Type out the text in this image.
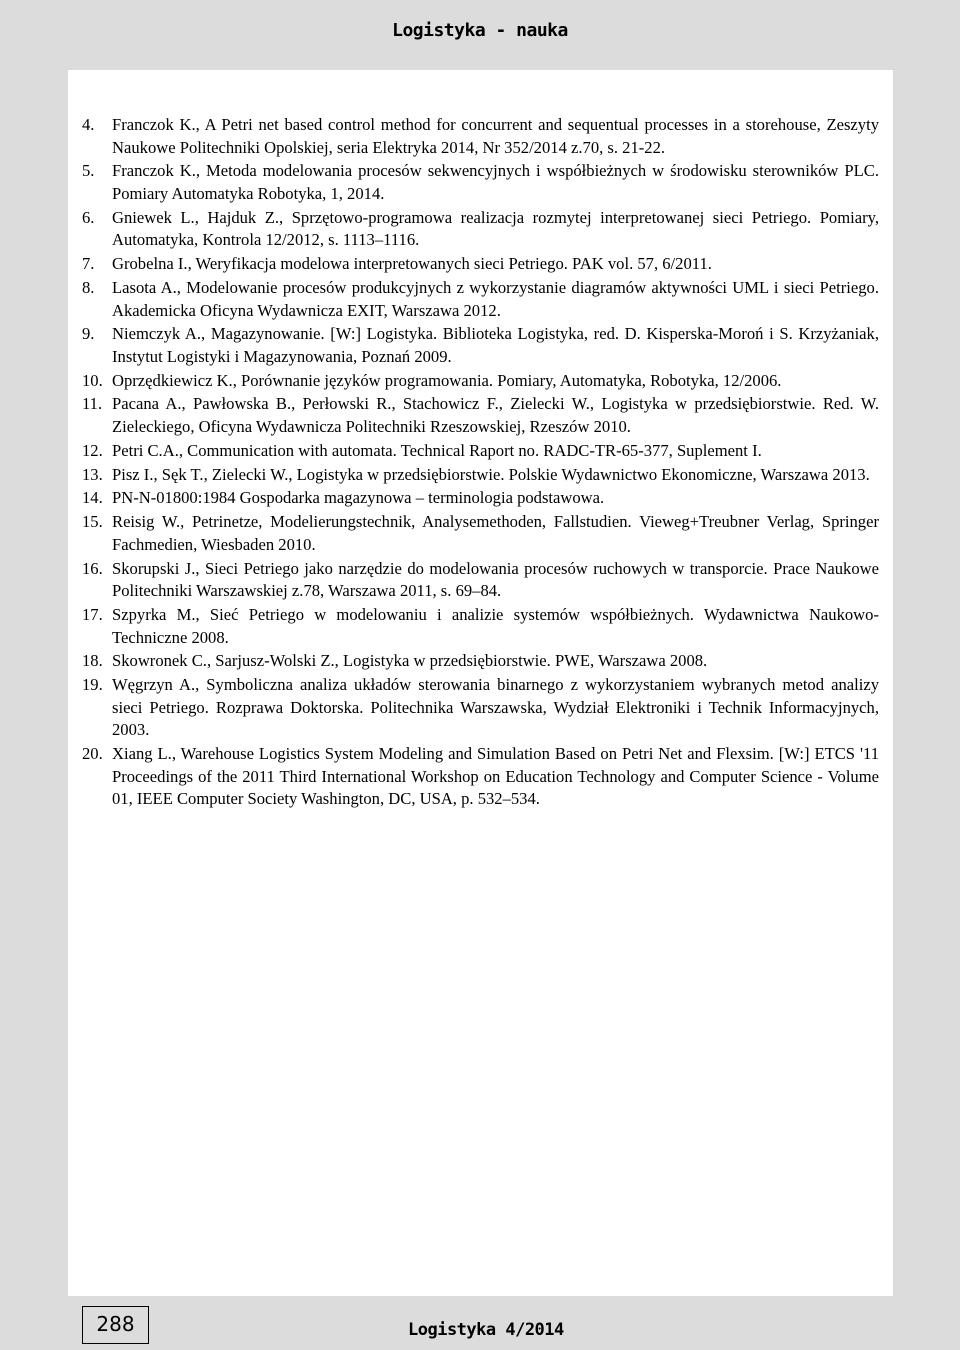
Logistyka - nauka
4.	Franczok K., A Petri net based control method for concurrent and sequentual processes in a storehouse, Zeszyty Naukowe Politechniki Opolskiej, seria Elektryka 2014, Nr 352/2014 z.70, s. 21-22.
5.	Franczok K., Metoda modelowania procesów sekwencyjnych i współbieżnych w środowisku sterowników PLC. Pomiary Automatyka Robotyka, 1, 2014.
6.	Gniewek L., Hajduk Z., Sprzętowo-programowa realizacja rozmytej interpretowanej sieci Petriego. Pomiary, Automatyka, Kontrola 12/2012, s. 1113–1116.
7.	Grobelna I., Weryfikacja modelowa interpretowanych sieci Petriego. PAK vol. 57, 6/2011.
8.	Lasota A., Modelowanie procesów produkcyjnych z wykorzystanie diagramów aktywności UML i sieci Petriego. Akademicka Oficyna Wydawnicza EXIT, Warszawa 2012.
9.	Niemczyk A., Magazynowanie. [W:] Logistyka. Biblioteka Logistyka, red. D. Kisperska-Moroń i S. Krzyżaniak, Instytut Logistyki i Magazynowania, Poznań 2009.
10. Oprzędkiewicz K., Porównanie języków programowania. Pomiary, Automatyka, Robotyka, 12/2006.
11. Pacana A., Pawłowska B., Perłowski R., Stachowicz F., Zielecki W., Logistyka w przedsiębiorstwie. Red. W. Zieleckiego, Oficyna Wydawnicza Politechniki Rzeszowskiej, Rzeszów 2010.
12. Petri C.A., Communication with automata. Technical Raport no. RADC-TR-65-377, Suplement I.
13. Pisz I., Sęk T., Zielecki W., Logistyka w przedsiębiorstwie. Polskie Wydawnictwo Ekonomiczne, Warszawa 2013.
14. PN-N-01800:1984 Gospodarka magazynowa – terminologia podstawowa.
15. Reisig W., Petrinetze, Modelierungstechnik, Analysemethoden, Fallstudien. Vieweg+Treubner Verlag, Springer Fachmedien, Wiesbaden 2010.
16. Skorupski J., Sieci Petriego jako narzędzie do modelowania procesów ruchowych w transporcie. Prace Naukowe Politechniki Warszawskiej z.78, Warszawa 2011, s. 69–84.
17. Szpyrka M., Sieć Petriego w modelowaniu i analizie systemów współbieżnych. Wydawnictwa Naukowo-Techniczne 2008.
18. Skowronek C., Sarjusz-Wolski Z., Logistyka w przedsiębiorstwie. PWE, Warszawa 2008.
19. Węgrzyn A., Symboliczna analiza układów sterowania binarnego z wykorzystaniem wybranych metod analizy sieci Petriego. Rozprawa Doktorska. Politechnika Warszawska, Wydział Elektroniki i Technik Informacyjnych, 2003.
20. Xiang L., Warehouse Logistics System Modeling and Simulation Based on Petri Net and Flexsim. [W:] ETCS '11 Proceedings of the 2011 Third International Workshop on Education Technology and Computer Science - Volume 01, IEEE Computer Society Washington, DC, USA, p. 532–534.
288	Logistyka 4/2014
